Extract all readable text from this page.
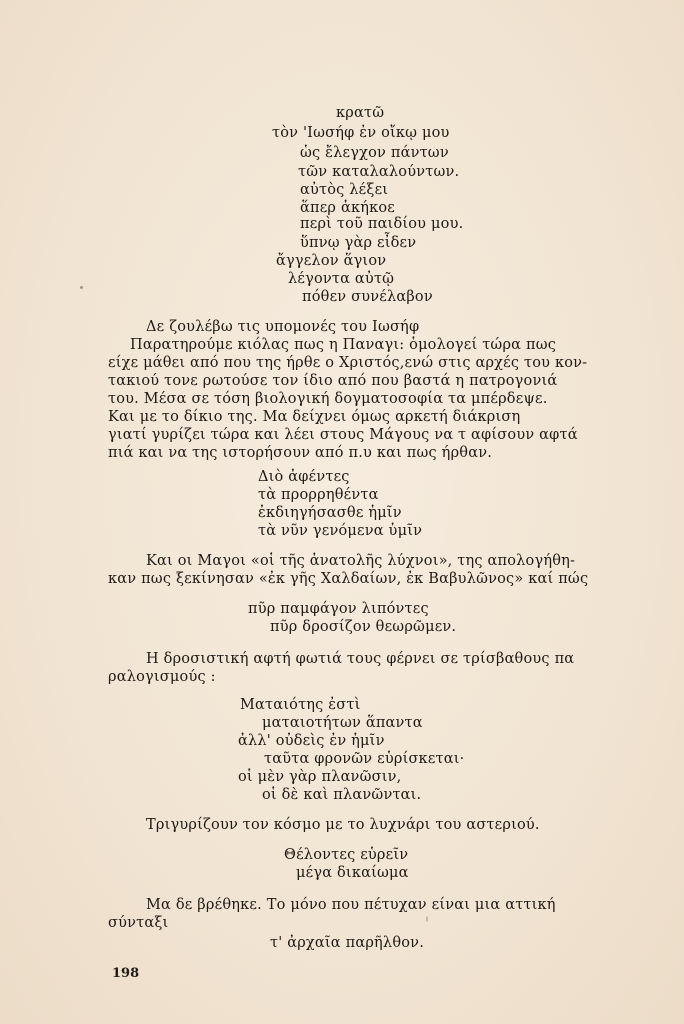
κρατῶ
τὸν 'Ιωσήφ ἐν οἴκῳ μου
ὡς ἔλεγχον πάντων
τῶν καταλαλούντων.
αὐτὸς λέξει
ἅπερ ἀκήκοε
περὶ τοῦ παιδίου μου.
ὕπνῳ γὰρ εἶδεν
ἄγγελον ἅγιον
λέγοντα αὐτῷ
πόθεν συνέλαβον
Δε ζουλέβω τις υπομονές του Ιωσήφ
Παρατηρούμε κιόλας πως η Παναγι: ὁμολογεί τώρα πως
είχε μάθει από που της ήρθε ο Χριστός,ενώ στις αρχές του κον-
τακιού τονε ρωτούσε τον ίδιο από που βαστά η πατρογονιά
του. Μέσα σε τόση βιολογική δογματοσοφία τα μπέρδεψε.
Και με το δίκιο της. Μα δείχνει όμως αρκετή διάκριση
γιατί γυρίζει τώρα και λέει στους Μάγους να τ αφίσουν αφτά
πιά και να της ιστορήσουν από π.υ και πως ήρθαν.
Διὸ ἀφέντες
τὰ προρρηθέντα
ἐκδιηγήσασθε ἡμῖν
τὰ νῦν γενόμενα ὑμῖν
Και οι Μαγοι «οἱ τῆς ἀνατολῆς λύχνοι», της απολογήθη-
καν πως ξεκίνησαν «ἐκ γῆς Χαλδαίων, ἐκ Βαβυλῶνος» καί πώς
πῦρ παμφάγον λιπόντες
πῦρ δροσίζον θεωρῶμεν.
Η δροσιστική αφτή φωτιά τους φέρνει σε τρίσβαθους πα
ραλογισμούς :
Ματαιότης ἐστὶ
ματαιοτήτων ἅπαντα
ἀλλ' οὐδεὶς ἐν ἡμῖν
ταῦτα φρονῶν εὑρίσκεται·
οἱ μὲν γὰρ πλανῶσιν,
οἱ δὲ καὶ πλανῶνται.
Τριγυρίζουν τον κόσμο με το λυχνάρι του αστεριού.
Θέλοντες εὑρεῖν
μέγα δικαίωμα
Μα δε βρέθηκε. Το μόνο που πέτυχαν είναι μια αττική
σύνταξι
τ' ἀρχαῖα παρῆλθον.
198
